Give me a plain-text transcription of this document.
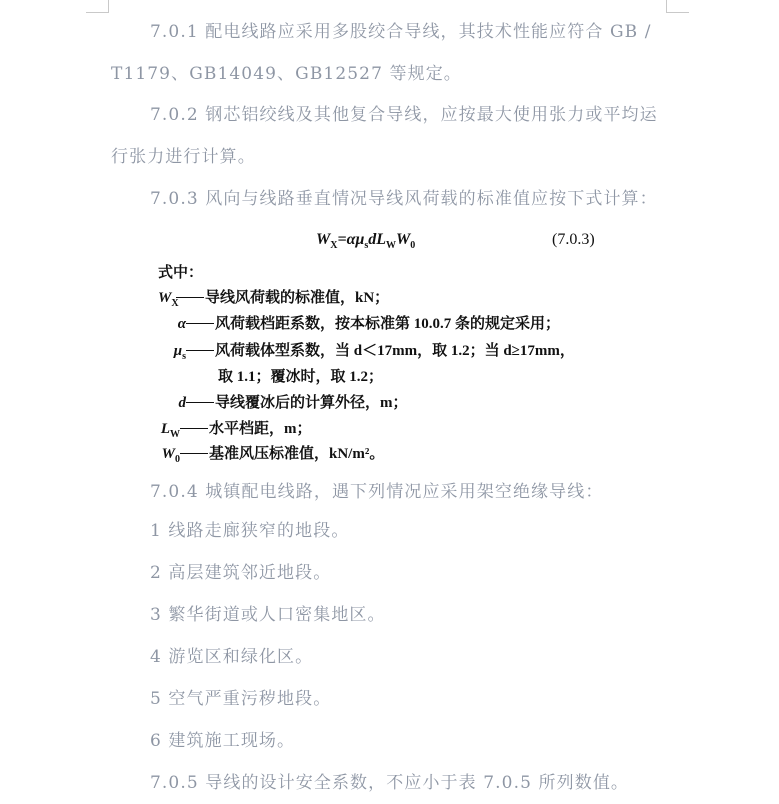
7.0.1 配电线路应采用多股绞合导线，其技术性能应符合 GB /

T1179、GB14049、GB12527 等规定。

7.0.2 钢芯铝绞线及其他复合导线，应按最大使用张力或平均运

行张力进行计算。

7.0.3 风向与线路垂直情况导线风荷载的标准值应按下式计算：

$W_X=\alpha\mu_sdL_WW_0$	(7.0.3)
式中：
$W_X$ 导线风荷载的标准值，kN；
α 风荷载档距系数，按本标准第 10.0.7 条的规定采用；
$\mu_s$ 风荷载体型系数，当 d＜17mm，取 1.2；当 d≥17mm，
取 1.1；覆冰时，取 1.2；
d 导线覆冰后的计算外径，m；
$L_W$ 水平档距，m；
$W_0$ 基准风压标准值，kN/m²。

7.0.4 城镇配电线路，遇下列情况应采用架空绝缘导线：

1 线路走廊狭窄的地段。

2 高层建筑邻近地段。

3 繁华街道或人口密集地区。

4 游览区和绿化区。

5 空气严重污秽地段。

6 建筑施工现场。

7.0.5 导线的设计安全系数，不应小于表 7.0.5 所列数值。
